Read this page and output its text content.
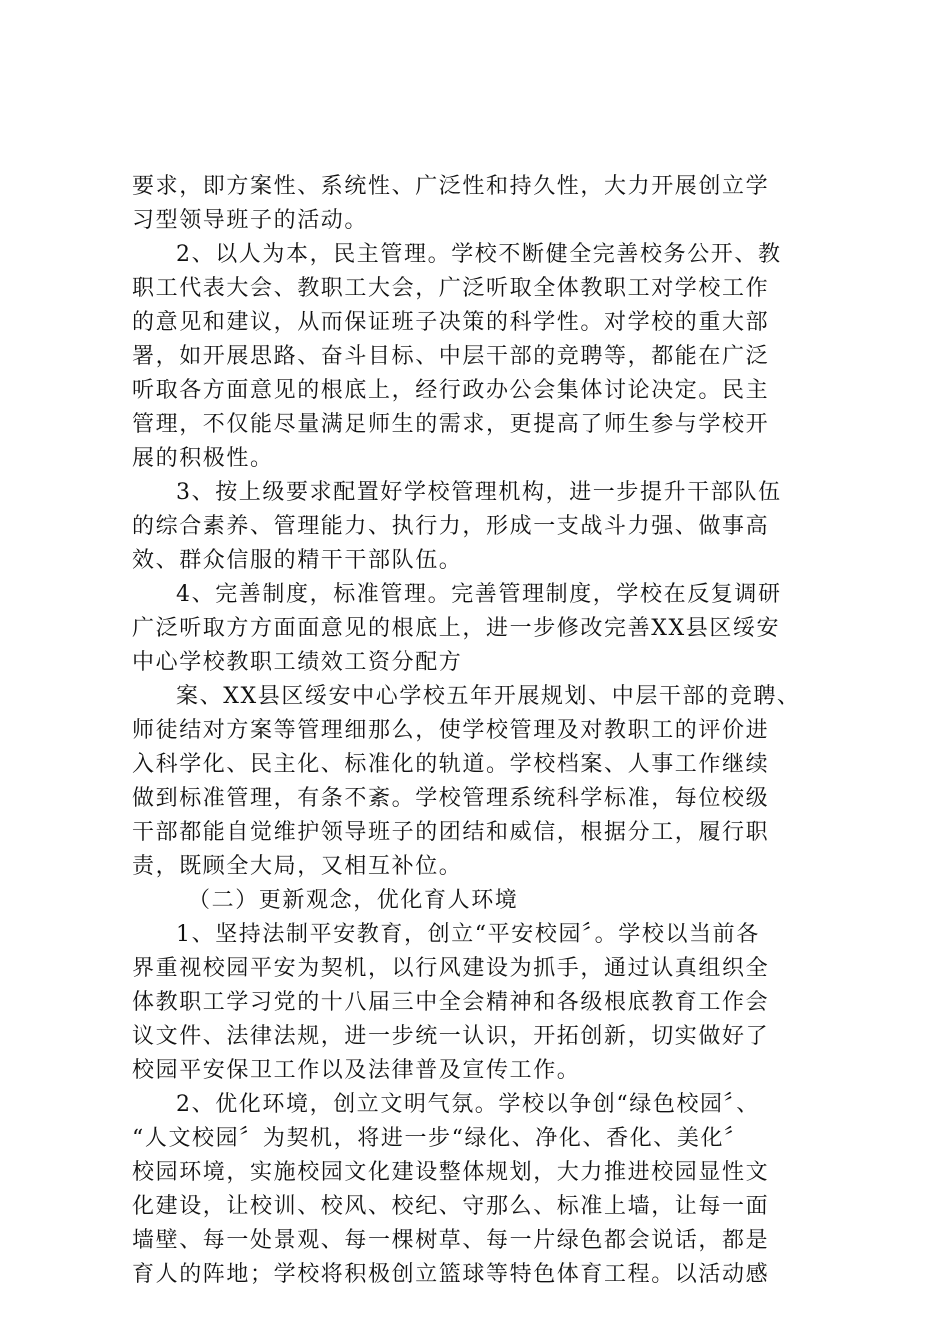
要求，即方案性、系统性、广泛性和持久性，大力开展创立学
习型领导班子的活动。
2、以人为本，民主管理。学校不断健全完善校务公开、教
职工代表大会、教职工大会，广泛听取全体教职工对学校工作
的意见和建议，从而保证班子决策的科学性。对学校的重大部
署，如开展思路、奋斗目标、中层干部的竞聘等，都能在广泛
听取各方面意见的根底上，经行政办公会集体讨论决定。民主
管理，不仅能尽量满足师生的需求，更提高了师生参与学校开
展的积极性。
3、按上级要求配置好学校管理机构，进一步提升干部队伍
的综合素养、管理能力、执行力，形成一支战斗力强、做事高
效、群众信服的精干干部队伍。
4、完善制度，标准管理。完善管理制度，学校在反复调研
广泛听取方方面面意见的根底上，进一步修改完善XX县区绥安
中心学校教职工绩效工资分配方
案、XX县区绥安中心学校五年开展规划、中层干部的竞聘、
师徒结对方案等管理细那么，使学校管理及对教职工的评价进
入科学化、民主化、标准化的轨道。学校档案、人事工作继续
做到标准管理，有条不紊。学校管理系统科学标准，每位校级
干部都能自觉维护领导班子的团结和威信，根据分工，履行职
责，既顾全大局，又相互补位。
（二）更新观念，优化育人环境
1、坚持法制平安教育，创立“平安校园〞。学校以当前各
界重视校园平安为契机，以行风建设为抓手，通过认真组织全
体教职工学习党的十八届三中全会精神和各级根底教育工作会
议文件、法律法规，进一步统一认识，开拓创新，切实做好了
校园平安保卫工作以及法律普及宣传工作。
2、优化环境，创立文明气氛。学校以争创“绿色校园〞、
“人文校园〞为契机，将进一步“绿化、净化、香化、美化〞
校园环境，实施校园文化建设整体规划，大力推进校园显性文
化建设，让校训、校风、校纪、守那么、标准上墙，让每一面
墙壁、每一处景观、每一棵树草、每一片绿色都会说话，都是
育人的阵地；学校将积极创立篮球等特色体育工程。以活动感
